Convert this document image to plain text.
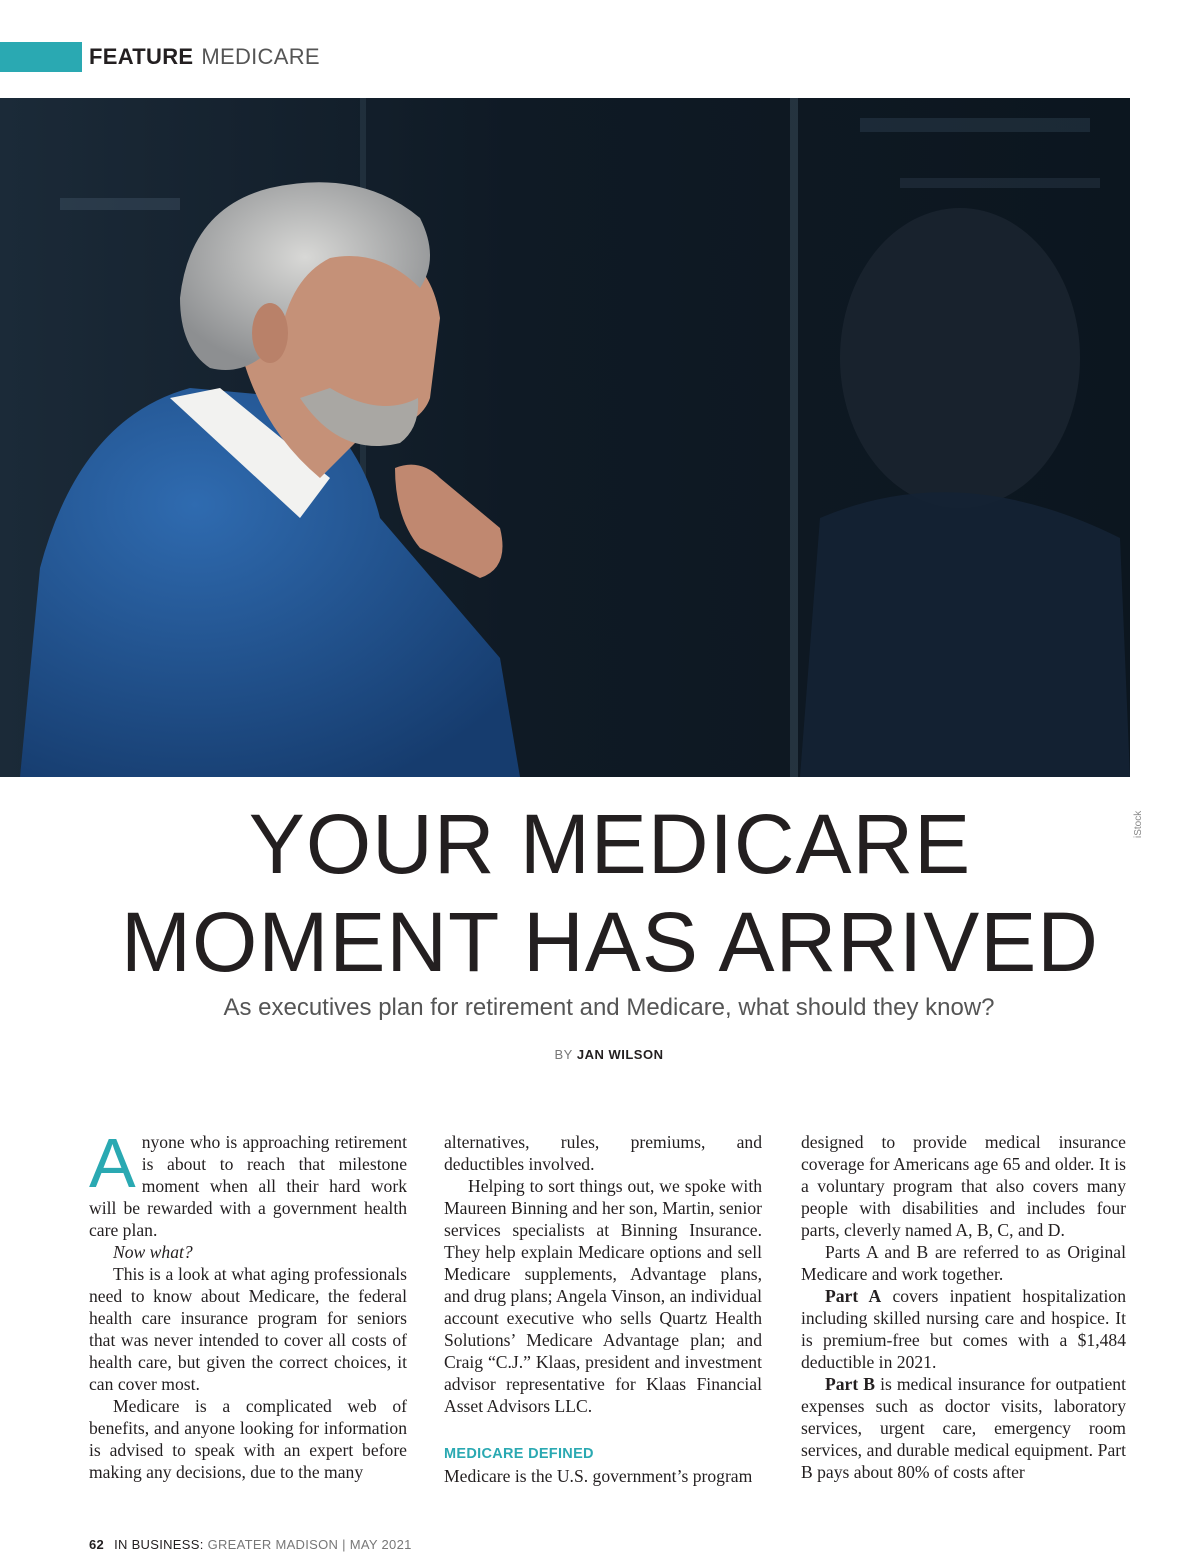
FEATURE MEDICARE
iStock
YOUR MEDICARE
MOMENT HAS ARRIVED
As executives plan for retirement and Medicare, what should they know?
BY JAN WILSON

Anyone who is approaching retirement is about to reach that milestone moment when all their hard work will be rewarded with a government health care plan.

Now what?

This is a look at what aging professionals need to know about Medicare, the federal health care insurance program for seniors that was never intended to cover all costs of health care, but given the correct choices, it can cover most.

Medicare is a complicated web of benefits, and anyone looking for information is advised to speak with an expert before making any decisions, due to the many

alternatives, rules, premiums, and deductibles involved.

Helping to sort things out, we spoke with Maureen Binning and her son, Martin, senior services specialists at Binning Insurance. They help explain Medicare options and sell Medicare supplements, Advantage plans, and drug plans; Angela Vinson, an individual account executive who sells Quartz Health Solutions’ Medicare Advantage plan; and Craig “C.J.” Klaas, president and investment advisor representative for Klaas Financial Asset Advisors LLC.

MEDICARE DEFINED

Medicare is the U.S. government’s program

designed to provide medical insurance coverage for Americans age 65 and older. It is a voluntary program that also covers many people with disabilities and includes four parts, cleverly named A, B, C, and D.

Parts A and B are referred to as Original Medicare and work together.

Part A covers inpatient hospitalization including skilled nursing care and hospice. It is premium-free but comes with a $1,484 deductible in 2021.

Part B is medical insurance for outpatient expenses such as doctor visits, laboratory services, urgent care, emergency room services, and durable medical equipment. Part B pays about 80% of costs after

62 IN BUSINESS: GREATER MADISON | MAY 2021
